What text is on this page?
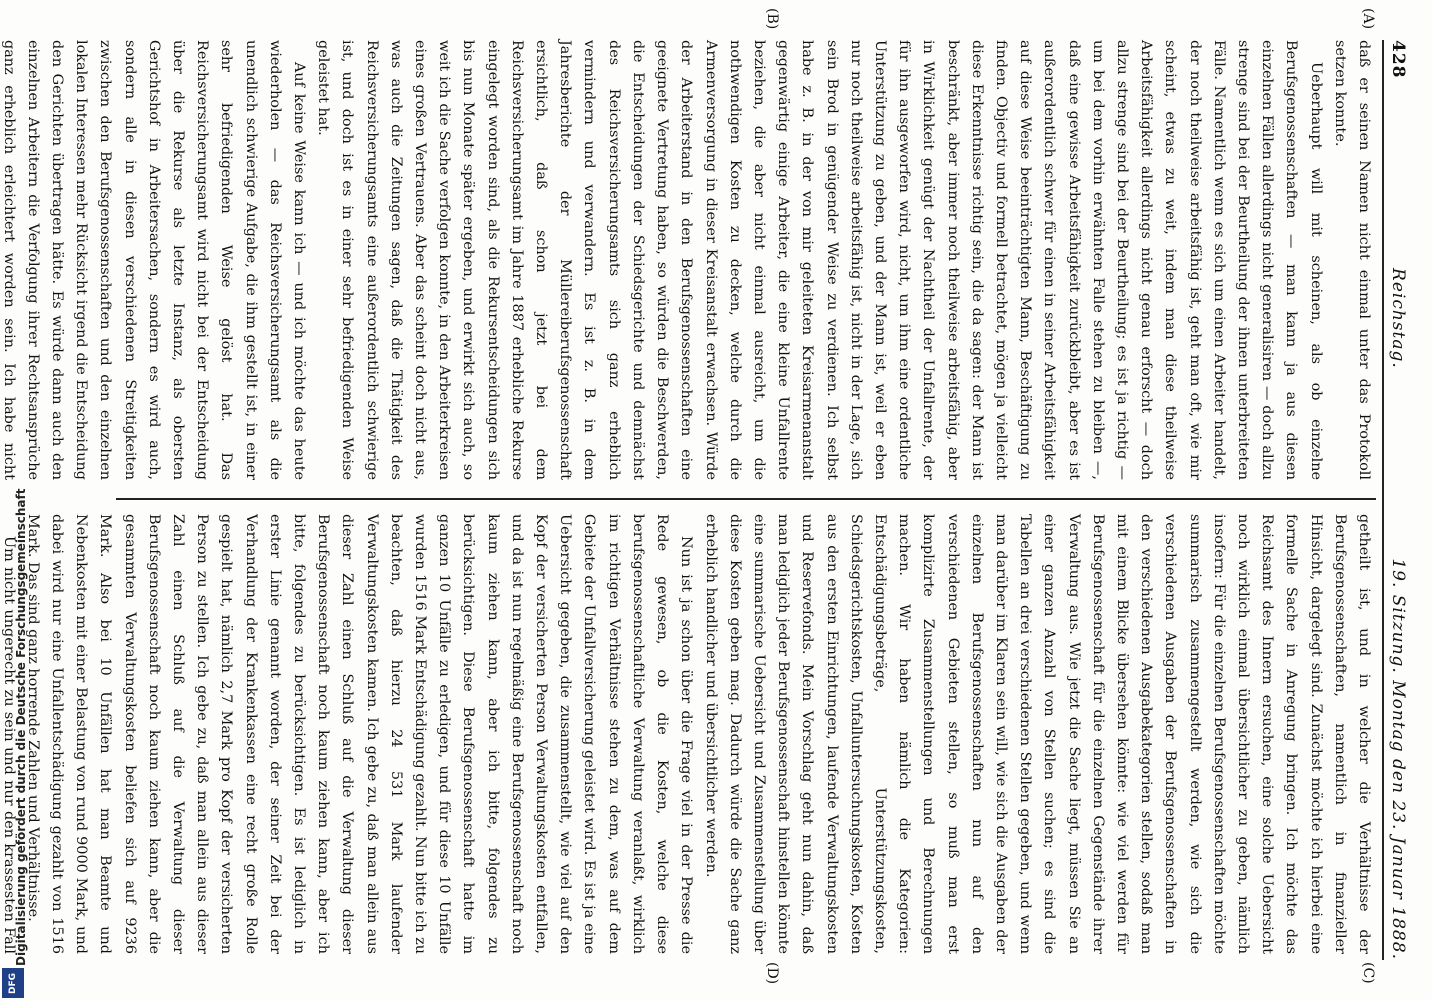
428
Reichstag.
19. Sitzung. Montag den 23. Januar 1888.

daß er seinen Namen nicht einmal unter das Protokoll setzen konnte.

Ueberhaupt will mit scheinen, als ob einzelne Berufsgenossenschaften — man kann ja aus diesen einzelnen Fällen allerdings nicht generalisiren — doch allzu strenge sind bei der Beurtheilung der ihnen unterbreiteten Fälle. Namentlich wenn es sich um einen Arbeiter handelt, der noch theilweise arbeitsfähig ist, geht man oft, wie mir scheint, etwas zu weit, indem man diese theilweise Arbeitsfähigkeit allerdings nicht genau erforscht — doch allzu strenge sind bei der Beurtheilung; es ist ja richtig — um bei dem vorhin erwähnten Falle stehen zu bleiben —, daß eine gewisse Arbeitsfähigkeit zurückbleibt, aber es ist außerordentlich schwer für einen in seiner Arbeitsfähigkeit auf diese Weise beeinträchtigten Mann, Beschäftigung zu finden. Objectiv und formell betrachtet, mögen ja vielleicht diese Erkenntnisse richtig sein, die da sagen: der Mann ist beschränkt, aber immer noch theilweise arbeitsfähig, aber in Wirklichkeit genügt der Nachtheil der Unfallrente, der für ihn ausgeworfen wird, nicht, um ihm eine ordentliche Unterstützung zu geben, und der Mann ist, weil er eben nur noch theilweise arbeitsfähig ist, nicht in der Lage, sich sein Brod in genügender Weise zu verdienen. Ich selbst habe z. B. in der von mir geleiteten Kreisarmenanstalt gegenwärtig einige Arbeiter, die eine kleine Unfallrente beziehen, die aber nicht einmal ausreicht, um die nothwendigen Kosten zu decken, welche durch die Armenversorgung in dieser Kreisanstalt erwachsen. Würde der Arbeiterstand in den Berufsgenossenschaften eine geeignete Vertretung haben, so würden die Beschwerden, die Entscheidungen der Schiedsgerichte und demnächst des Reichsversicherungsamts sich ganz erheblich vermindern und verwandern. Es ist z. B. in dem Jahresberichte der Müllereiberufsgenossenschaft ersichtlich, daß schon jetzt bei dem Reichsversicherungsamt im Jahre 1887 erhebliche Rekurse eingelegt worden sind, als die Rekursentscheidungen sich bis nun Monate später ergeben, und erwirkt sich auch, so weit ich die Sache verfolgen konnte, in den Arbeiterkreisen eines großen Vertrauens. Aber das scheint doch nicht aus, was auch die Zeitungen sagen, daß die Thätigkeit des Reichsversicherungsamts eine außerordentlich schwierige ist, und doch ist es in einer sehr befriedigenden Weise geleistet hat.

Auf keine Weise kann ich — und ich möchte das heute wiederholen — das Reichsversicherungsamt als die unendlich schwierige Aufgabe, die ihm gestellt ist, in einer sehr befriedigenden Weise gelöst hat. Das Reichsversicherungsamt wird nicht bei der Entscheidung über die Rekurse als letzte Instanz, als obersten Gerichtshof in Arbeitersachen, sondern es wird auch, sondern alle in diesen verschiedenen Streitigkeiten zwischen den Berufsgenossenschaften und den einzelnen lokalen Interessen mehr Rücksicht irgend die Entscheidung den Gerichten übertragen hätte. Es würde dann auch den einzelnen Arbeitern die Verfolgung ihrer Rechtsansprüche ganz erheblich erleichtert worden sein. Ich habe nicht

getheilt ist, und in welcher die Verhältnisse der Berufsgenossenschaften, namentlich in finanzieller Hinsicht, dargelegt sind. Zunächst möchte ich hierbei eine formelle Sache in Anregung bringen. Ich möchte das Reichsamt des Innern ersuchen, eine solche Uebersicht noch wirklich einmal übersichtlicher zu geben, nämlich insofern: Für die einzelnen Berufsgenossenschaften möchte summarisch zusammengestellt werden, wie sich die verschiedenen Ausgaben der Berufsgenossenschaften in den verschiedenen Ausgabekategorien stellen, sodaß man mit einem Blicke übersehen könnte: wie viel werden für Berufsgenossenschaft für die einzelnen Gegenstände ihrer Verwaltung aus. Wie jetzt die Sache liegt, müssen Sie an einer ganzen Anzahl von Stellen suchen; es sind die Tabellen an drei verschiedenen Stellen gegeben, und wenn man darüber im Klaren sein will, wie sich die Ausgaben der einzelnen Berufsgenossenschaften nun auf den verschiedenen Gebieten stellen, so muß man erst komplizirte Zusammenstellungen und Berechnungen machen. Wir haben nämlich die Kategorien: Entschädigungsbeträge, Unterstützungskosten, Schiedsgerichtskosten, Unfalluntersuchungskosten, Kosten aus den ersten Einrichtungen, laufende Verwaltungskosten und Reservefonds. Mein Vorschlag geht nun dahin, daß man lediglich jeder Berufsgenossenschaft hinstellen könnte eine summarische Uebersicht und Zusammenstellung über diese Kosten geben mag. Dadurch würde die Sache ganz erheblich handlicher und übersichtlicher werden.

Nun ist ja schon über die Frage viel in der Presse die Rede gewesen, ob die Kosten, welche diese berufsgenossenschaftliche Verwaltung veranlaßt, wirklich im richtigen Verhältnisse stehen zu dem, was auf dem Gebiete der Unfallversicherung geleistet wird. Es ist ja eine Uebersicht gegeben, die zusammenstellt, wie viel auf den Kopf der versicherten Person Verwaltungskosten entfallen, und da ist nun regelmäßig eine Berufsgenossenschaft noch kaum ziehen kann, aber ich bitte, folgendes zu berücksichtigen. Diese Berufsgenossenschaft hatte im ganzen 10 Unfälle zu erledigen, und für diese 10 Unfälle wurden 1516 Mark Entschädigung gezahlt. Nun bitte ich zu beachten, daß hierzu 24 531 Mark laufender Verwaltungskosten kamen. Ich gebe zu, daß man allein aus dieser Zahl einen Schluß auf die Verwaltung dieser Berufsgenossenschaft noch kaum ziehen kann, aber ich bitte, folgendes zu berücksichtigen. Es ist lediglich in erster Linie genannt worden, der seiner Zeit bei der Verhandlung der Krankenkassen eine recht große Rolle gespielt hat, nämlich 2,7 Mark pro Kopf der versicherten Person zu stellen. Ich gebe zu, daß man allein aus dieser Zahl einen Schluß auf die Verwaltung dieser Berufsgenossenschaft noch kaum ziehen kann, aber die gesammten Verwaltungskosten beliefen sich auf 9236 Mark. Also bei 10 Unfällen hat man Beamte und Nebenkosten mit einer Belastung von rund 9000 Mark, und dabei wird nur eine Unfallentschädigung gezahlt von 1516 Mark. Das sind ganz horrende Zahlen und Verhältnisse.

Um nicht ungerecht zu sein und nur den krassesten Fall

(A)
(B)
(C)
(D)
Digitalisierung gefördert durch die Deutsche Forschungsgemeinschaft
DFG
